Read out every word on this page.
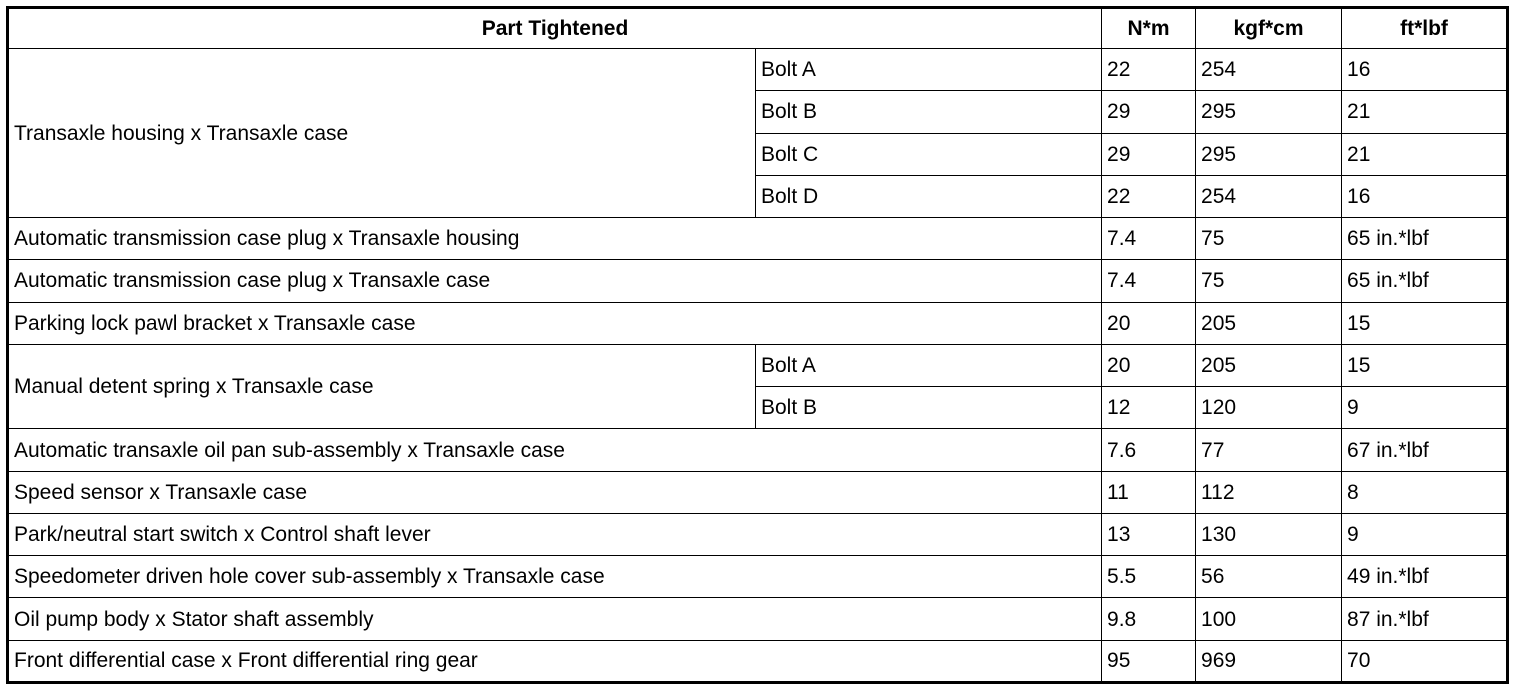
Part Tightened		N*m	kgf*cm	ft*lbf
Transaxle housing x Transaxle case	Bolt A	22	254	16
	Bolt B	29	295	21
	Bolt C	29	295	21
	Bolt D	22	254	16
Automatic transmission case plug x Transaxle housing		7.4	75	65 in.*lbf
Automatic transmission case plug x Transaxle case		7.4	75	65 in.*lbf
Parking lock pawl bracket x Transaxle case		20	205	15
Manual detent spring x Transaxle case	Bolt A	20	205	15
	Bolt B	12	120	9
Automatic transaxle oil pan sub-assembly x Transaxle case		7.6	77	67 in.*lbf
Speed sensor x Transaxle case		11	112	8
Park/neutral start switch x Control shaft lever		13	130	9
Speedometer driven hole cover sub-assembly x Transaxle case		5.5	56	49 in.*lbf
Oil pump body x Stator shaft assembly		9.8	100	87 in.*lbf
Front differential case x Front differential ring gear		95	969	70
